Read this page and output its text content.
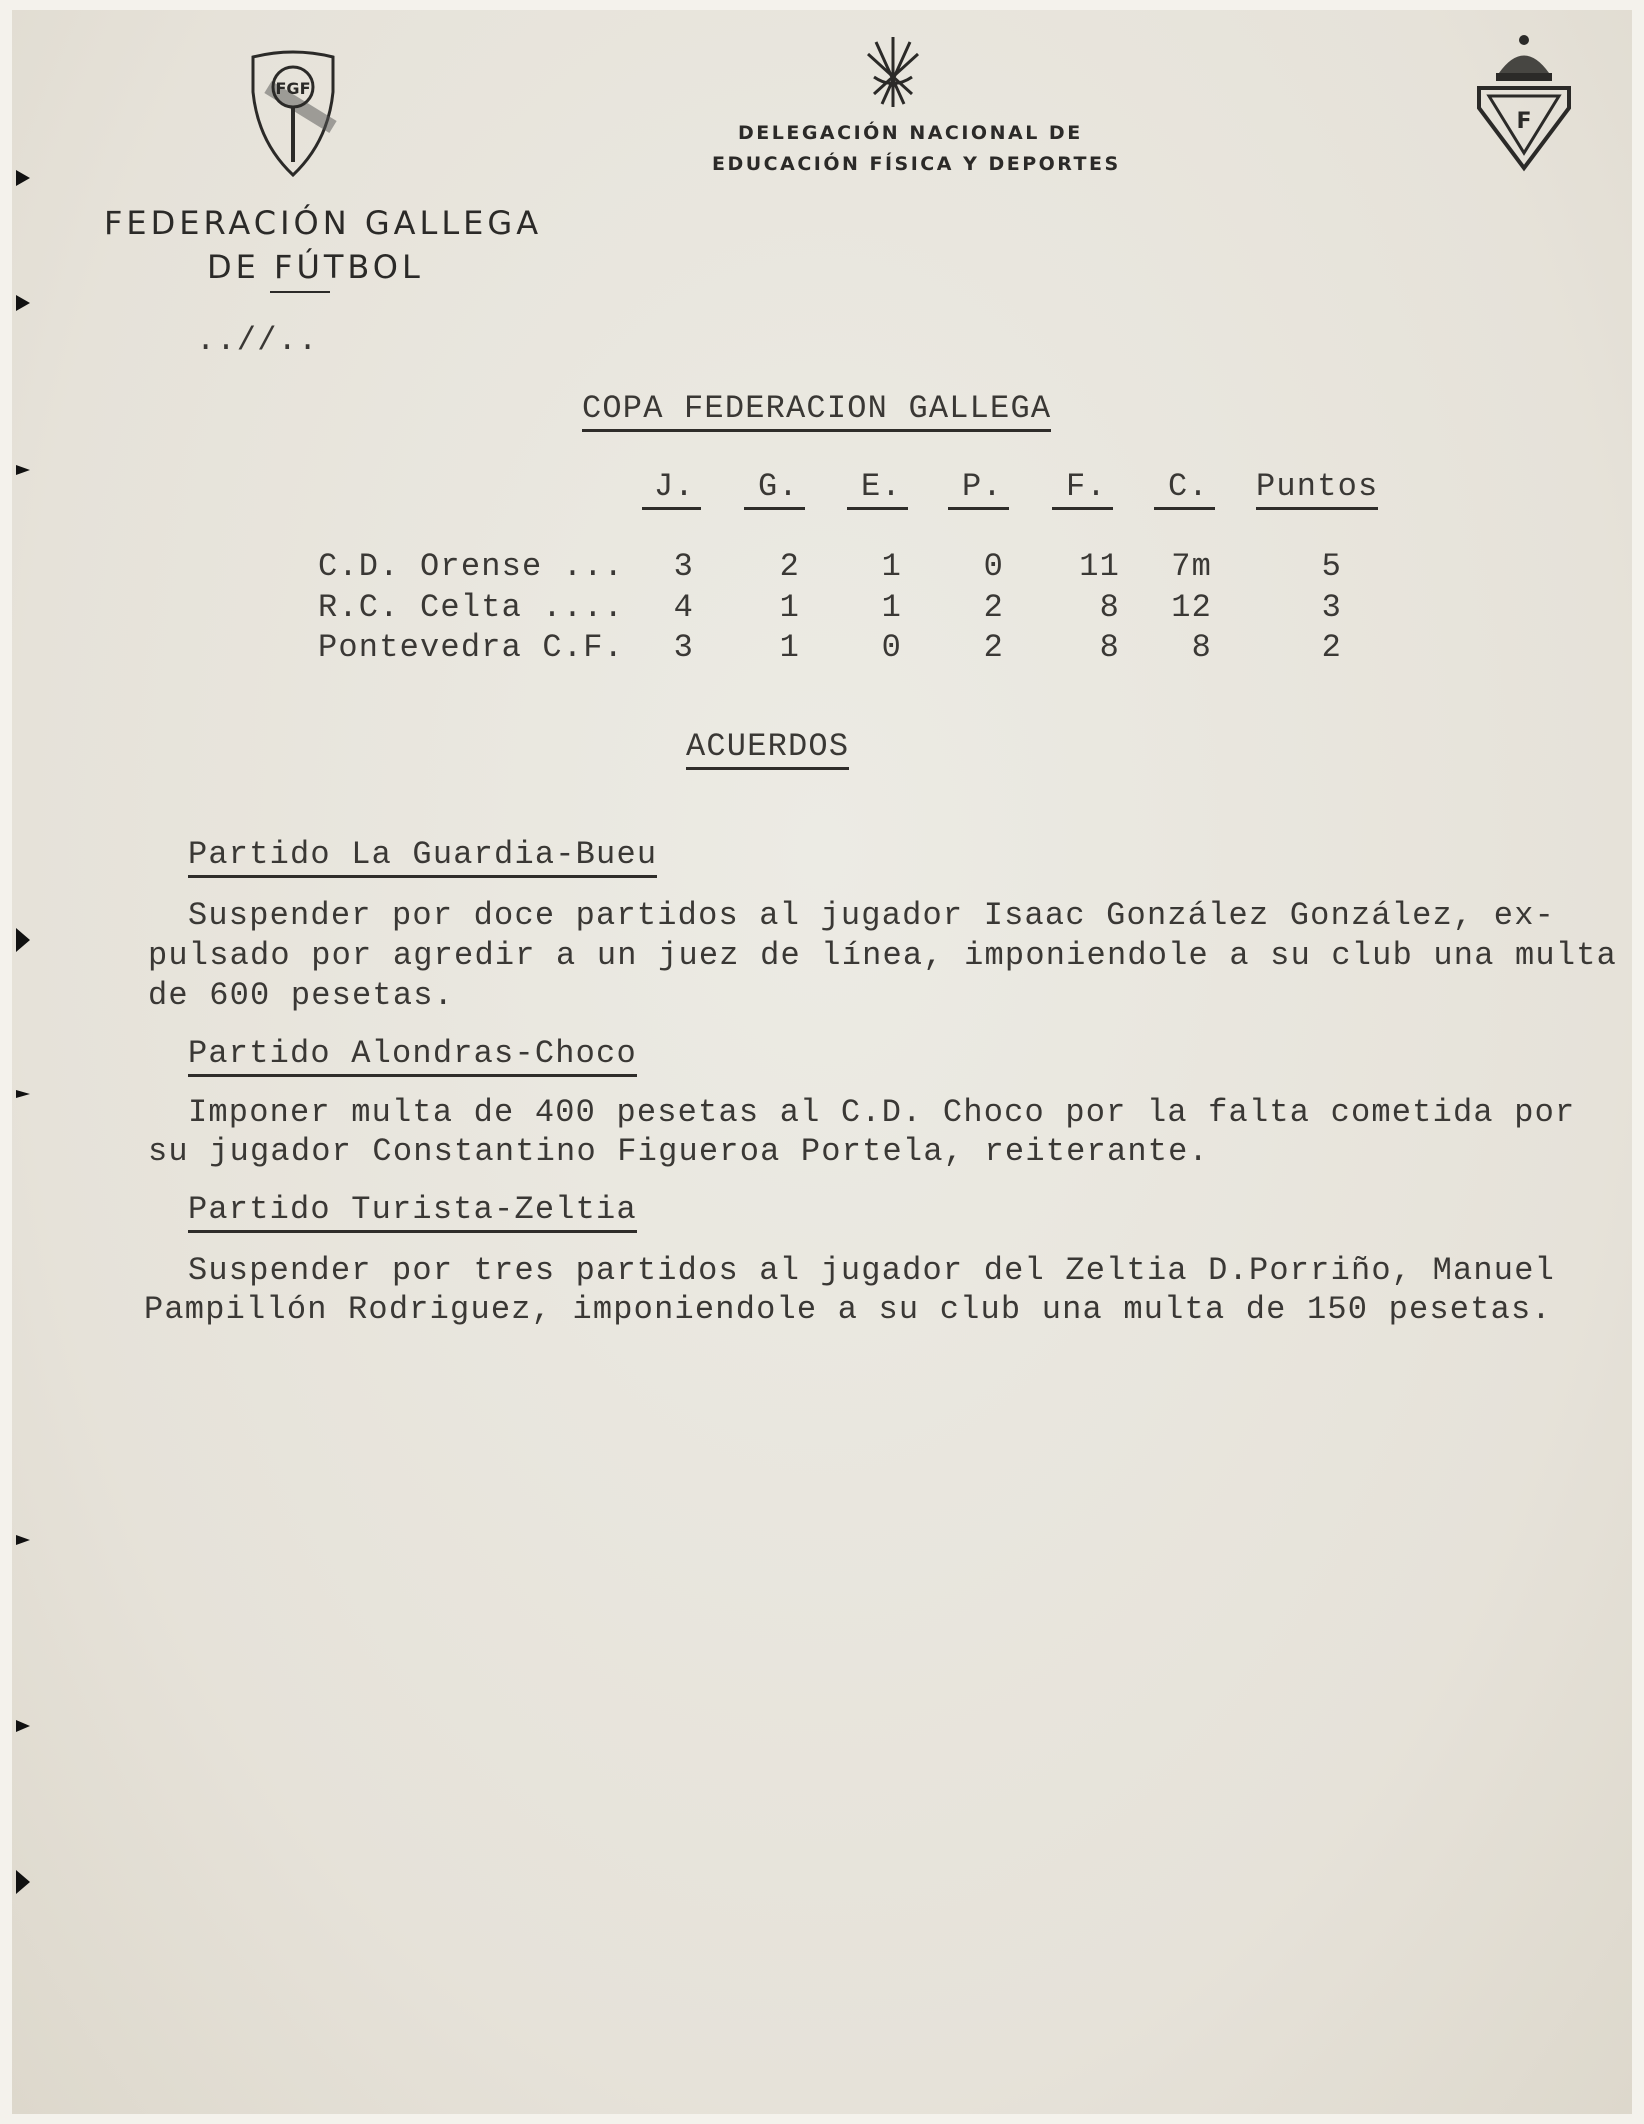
FGF
FEDERACIÓN GALLEGA
DE FÚTBOL
..//..
DELEGACIÓN NACIONAL DE
EDUCACIÓN FÍSICA Y DEPORTES
F
COPA FEDERACION GALLEGA
J.	G.	E.	P.	F.	C. Puntos
C.D. Orense ...	3	2	1	0	11	7m	5
R.C. Celta ....	4	1	1	2	8	12	3
Pontevedra C.F.	3	1	0	2	8	8	2
ACUERDOS
Partido La Guardia-Bueu
Suspender por doce partidos al jugador Isaac González González, ex-
pulsado por agredir a un juez de línea, imponiendole a su club una multa
de 600 pesetas.
Partido Alondras-Choco
Imponer multa de 400 pesetas al C.D. Choco por la falta cometida por
su jugador Constantino Figueroa Portela, reiterante.
Partido Turista-Zeltia
Suspender por tres partidos al jugador del Zeltia D.Porriño, Manuel
Pampillón Rodriguez, imponiendole a su club una multa de 150 pesetas.
